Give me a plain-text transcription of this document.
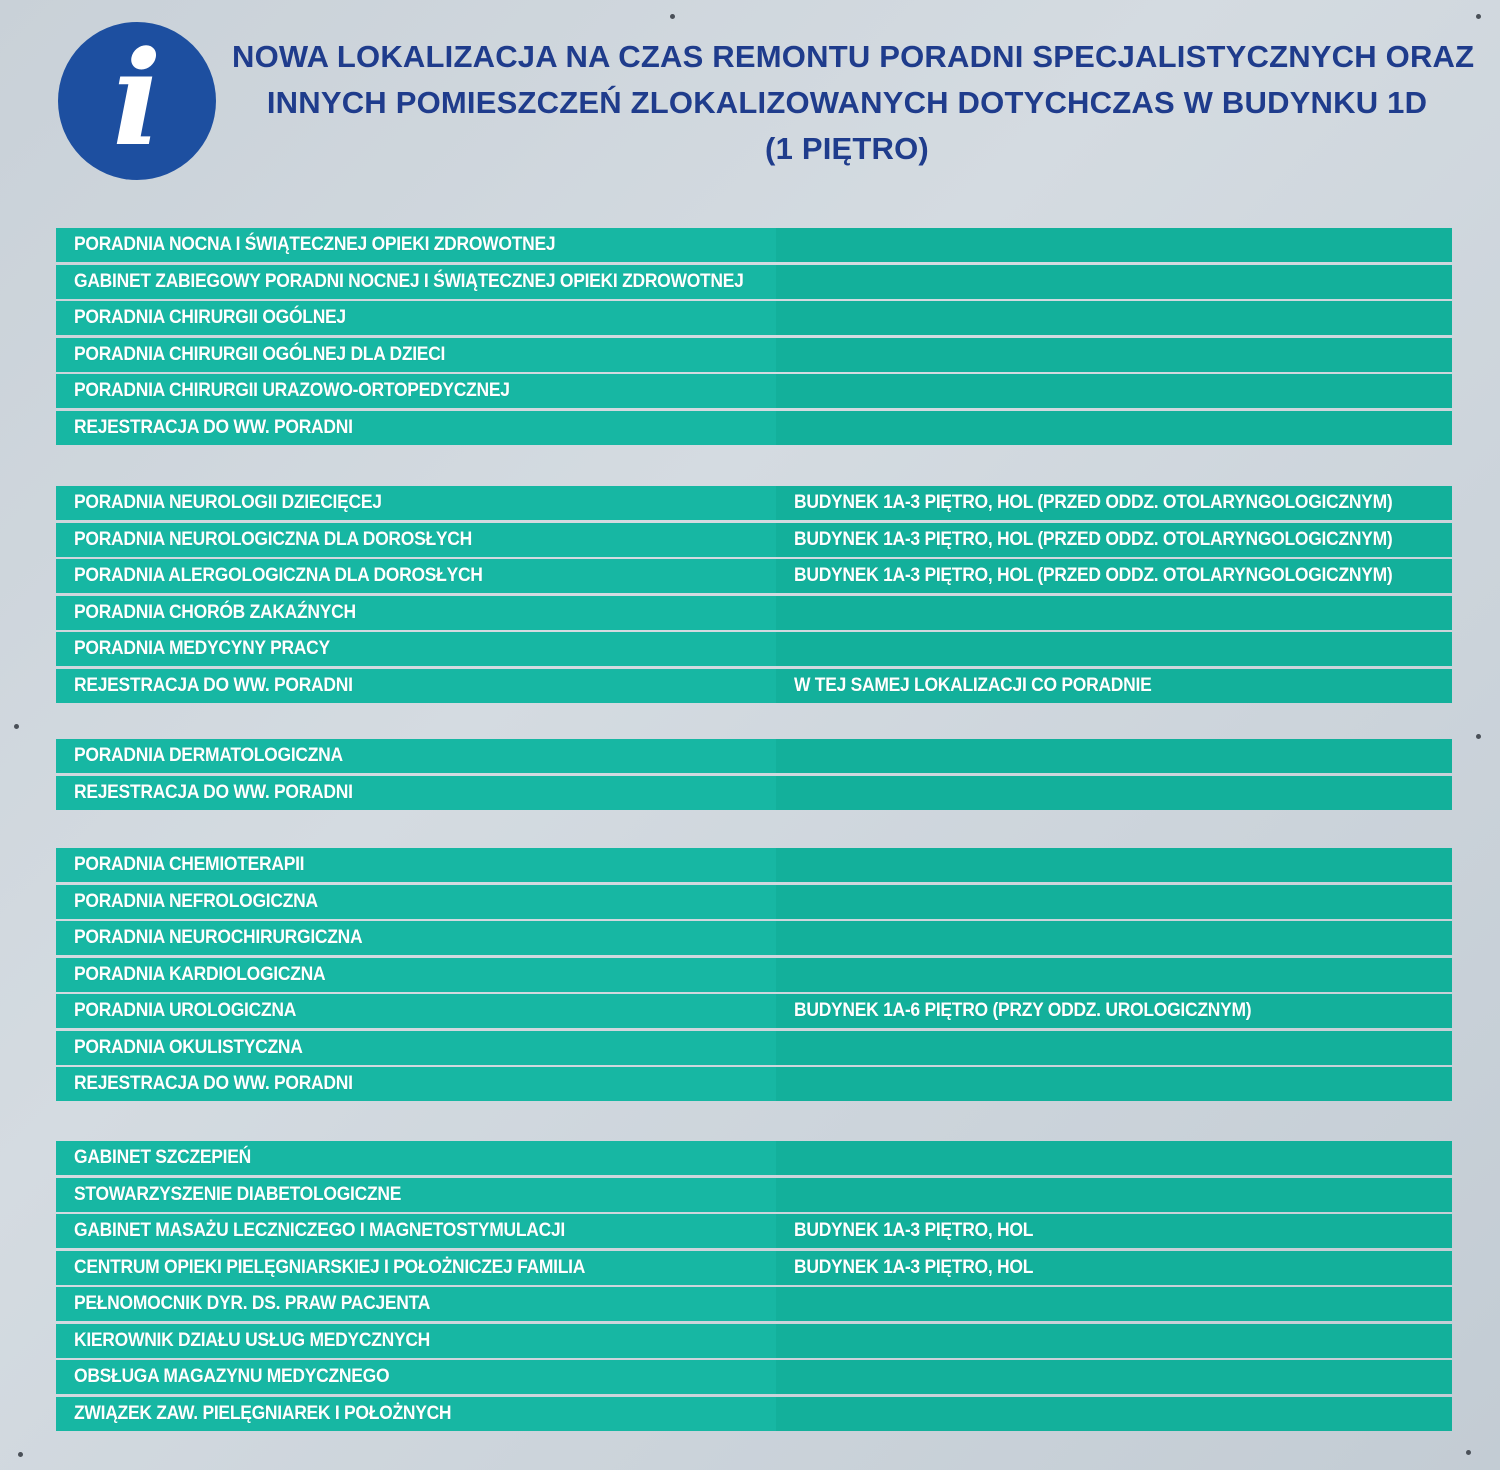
i NOWA LOKALIZACJA NA CZAS REMONTU PORADNI SPECJALISTYCZNYCH ORAZ
INNYCH POMIESZCZEŃ ZLOKALIZOWANYCH DOTYCHCZAS W BUDYNKU 1D
(1 PIĘTRO)
PORADNIA NOCNA I ŚWIĄTECZNEJ OPIEKI ZDROWOTNEJ
GABINET ZABIEGOWY PORADNI NOCNEJ I ŚWIĄTECZNEJ OPIEKI ZDROWOTNEJ
PORADNIA CHIRURGII OGÓLNEJ
PORADNIA CHIRURGII OGÓLNEJ DLA DZIECI
PORADNIA CHIRURGII URAZOWO-ORTOPEDYCZNEJ
REJESTRACJA DO WW. PORADNI
PORADNIA NEUROLOGII DZIECIĘCEJ	BUDYNEK 1A-3 PIĘTRO, HOL (PRZED ODDZ. OTOLARYNGOLOGICZNYM)
PORADNIA NEUROLOGICZNA DLA DOROSŁYCH	BUDYNEK 1A-3 PIĘTRO, HOL (PRZED ODDZ. OTOLARYNGOLOGICZNYM)
PORADNIA ALERGOLOGICZNA DLA DOROSŁYCH	BUDYNEK 1A-3 PIĘTRO, HOL (PRZED ODDZ. OTOLARYNGOLOGICZNYM)
PORADNIA CHORÓB ZAKAŹNYCH
PORADNIA MEDYCYNY PRACY
REJESTRACJA DO WW. PORADNI	W TEJ SAMEJ LOKALIZACJI CO PORADNIE
PORADNIA DERMATOLOGICZNA
REJESTRACJA DO WW. PORADNI
PORADNIA CHEMIOTERAPII
PORADNIA NEFROLOGICZNA
PORADNIA NEUROCHIRURGICZNA
PORADNIA KARDIOLOGICZNA
PORADNIA UROLOGICZNA	BUDYNEK 1A-6 PIĘTRO (PRZY ODDZ. UROLOGICZNYM)
PORADNIA OKULISTYCZNA
REJESTRACJA DO WW. PORADNI
GABINET SZCZEPIEŃ
STOWARZYSZENIE DIABETOLOGICZNE
GABINET MASAŻU LECZNICZEGO I MAGNETOSTYMULACJI	BUDYNEK 1A-3 PIĘTRO, HOL
CENTRUM OPIEKI PIELĘGNIARSKIEJ I POŁOŻNICZEJ FAMILIA	BUDYNEK 1A-3 PIĘTRO, HOL
PEŁNOMOCNIK DYR. DS. PRAW PACJENTA
KIEROWNIK DZIAŁU USŁUG MEDYCZNYCH
OBSŁUGA MAGAZYNU MEDYCZNEGO
ZWIĄZEK ZAW. PIELĘGNIAREK I POŁOŻNYCH
